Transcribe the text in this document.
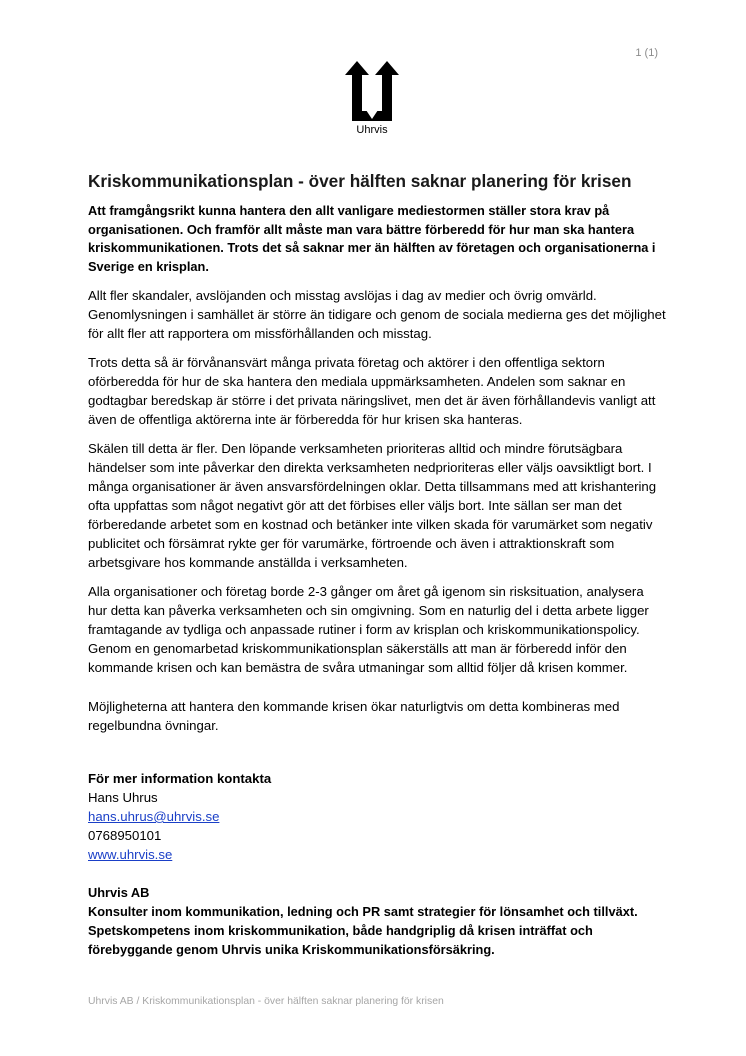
1 (1)
Uhrvis
Kriskommunikationsplan - över hälften saknar planering för krisen

Att framgångsrikt kunna hantera den allt vanligare mediestormen ställer stora krav på organisationen. Och framför allt måste man vara bättre förberedd för hur man ska hantera kriskommunikationen. Trots det så saknar mer än hälften av företagen och organisationerna i Sverige en krisplan.

Allt fler skandaler, avslöjanden och misstag avslöjas i dag av medier och övrig omvärld. Genomlysningen i samhället är större än tidigare och genom de sociala medierna ges det möjlighet för allt fler att rapportera om missförhållanden och misstag.

Trots detta så är förvånansvärt många privata företag och aktörer i den offentliga sektorn oförberedda för hur de ska hantera den mediala uppmärksamheten. Andelen som saknar en godtagbar beredskap är större i det privata näringslivet, men det är även förhållandevis vanligt att även de offentliga aktörerna inte är förberedda för hur krisen ska hanteras.

Skälen till detta är fler. Den löpande verksamheten prioriteras alltid och mindre förutsägbara händelser som inte påverkar den direkta verksamheten nedprioriteras eller väljs oavsiktligt bort. I många organisationer är även ansvarsfördelningen oklar. Detta tillsammans med att krishantering ofta uppfattas som något negativt gör att det förbises eller väljs bort. Inte sällan ser man det förberedande arbetet som en kostnad och betänker inte vilken skada för varumärket som negativ publicitet och försämrat rykte ger för varumärke, förtroende och även i attraktionskraft som arbetsgivare hos kommande anställda i verksamheten.

Alla organisationer och företag borde 2-3 gånger om året gå igenom sin risksituation, analysera hur detta kan påverka verksamheten och sin omgivning. Som en naturlig del i detta arbete ligger framtagande av tydliga och anpassade rutiner i form av krisplan och kriskommunikationspolicy. Genom en genomarbetad kriskommunikationsplan säkerställs att man är förberedd inför den kommande krisen och kan bemästra de svåra utmaningar som alltid följer då krisen kommer.

Möjligheterna att hantera den kommande krisen ökar naturligtvis om detta kombineras med regelbundna övningar.

För mer information kontakta
Hans Uhrus
hans.uhrus@uhrvis.se
0768950101
www.uhrvis.se
Uhrvis AB
Konsulter inom kommunikation, ledning och PR samt strategier för lönsamhet och tillväxt.
Spetskompetens inom kriskommunikation, både handgriplig då krisen inträffat och förebyggande genom Uhrvis unika Kriskommunikationsförsäkring.
Uhrvis AB / Kriskommunikationsplan - över hälften saknar planering för krisen
